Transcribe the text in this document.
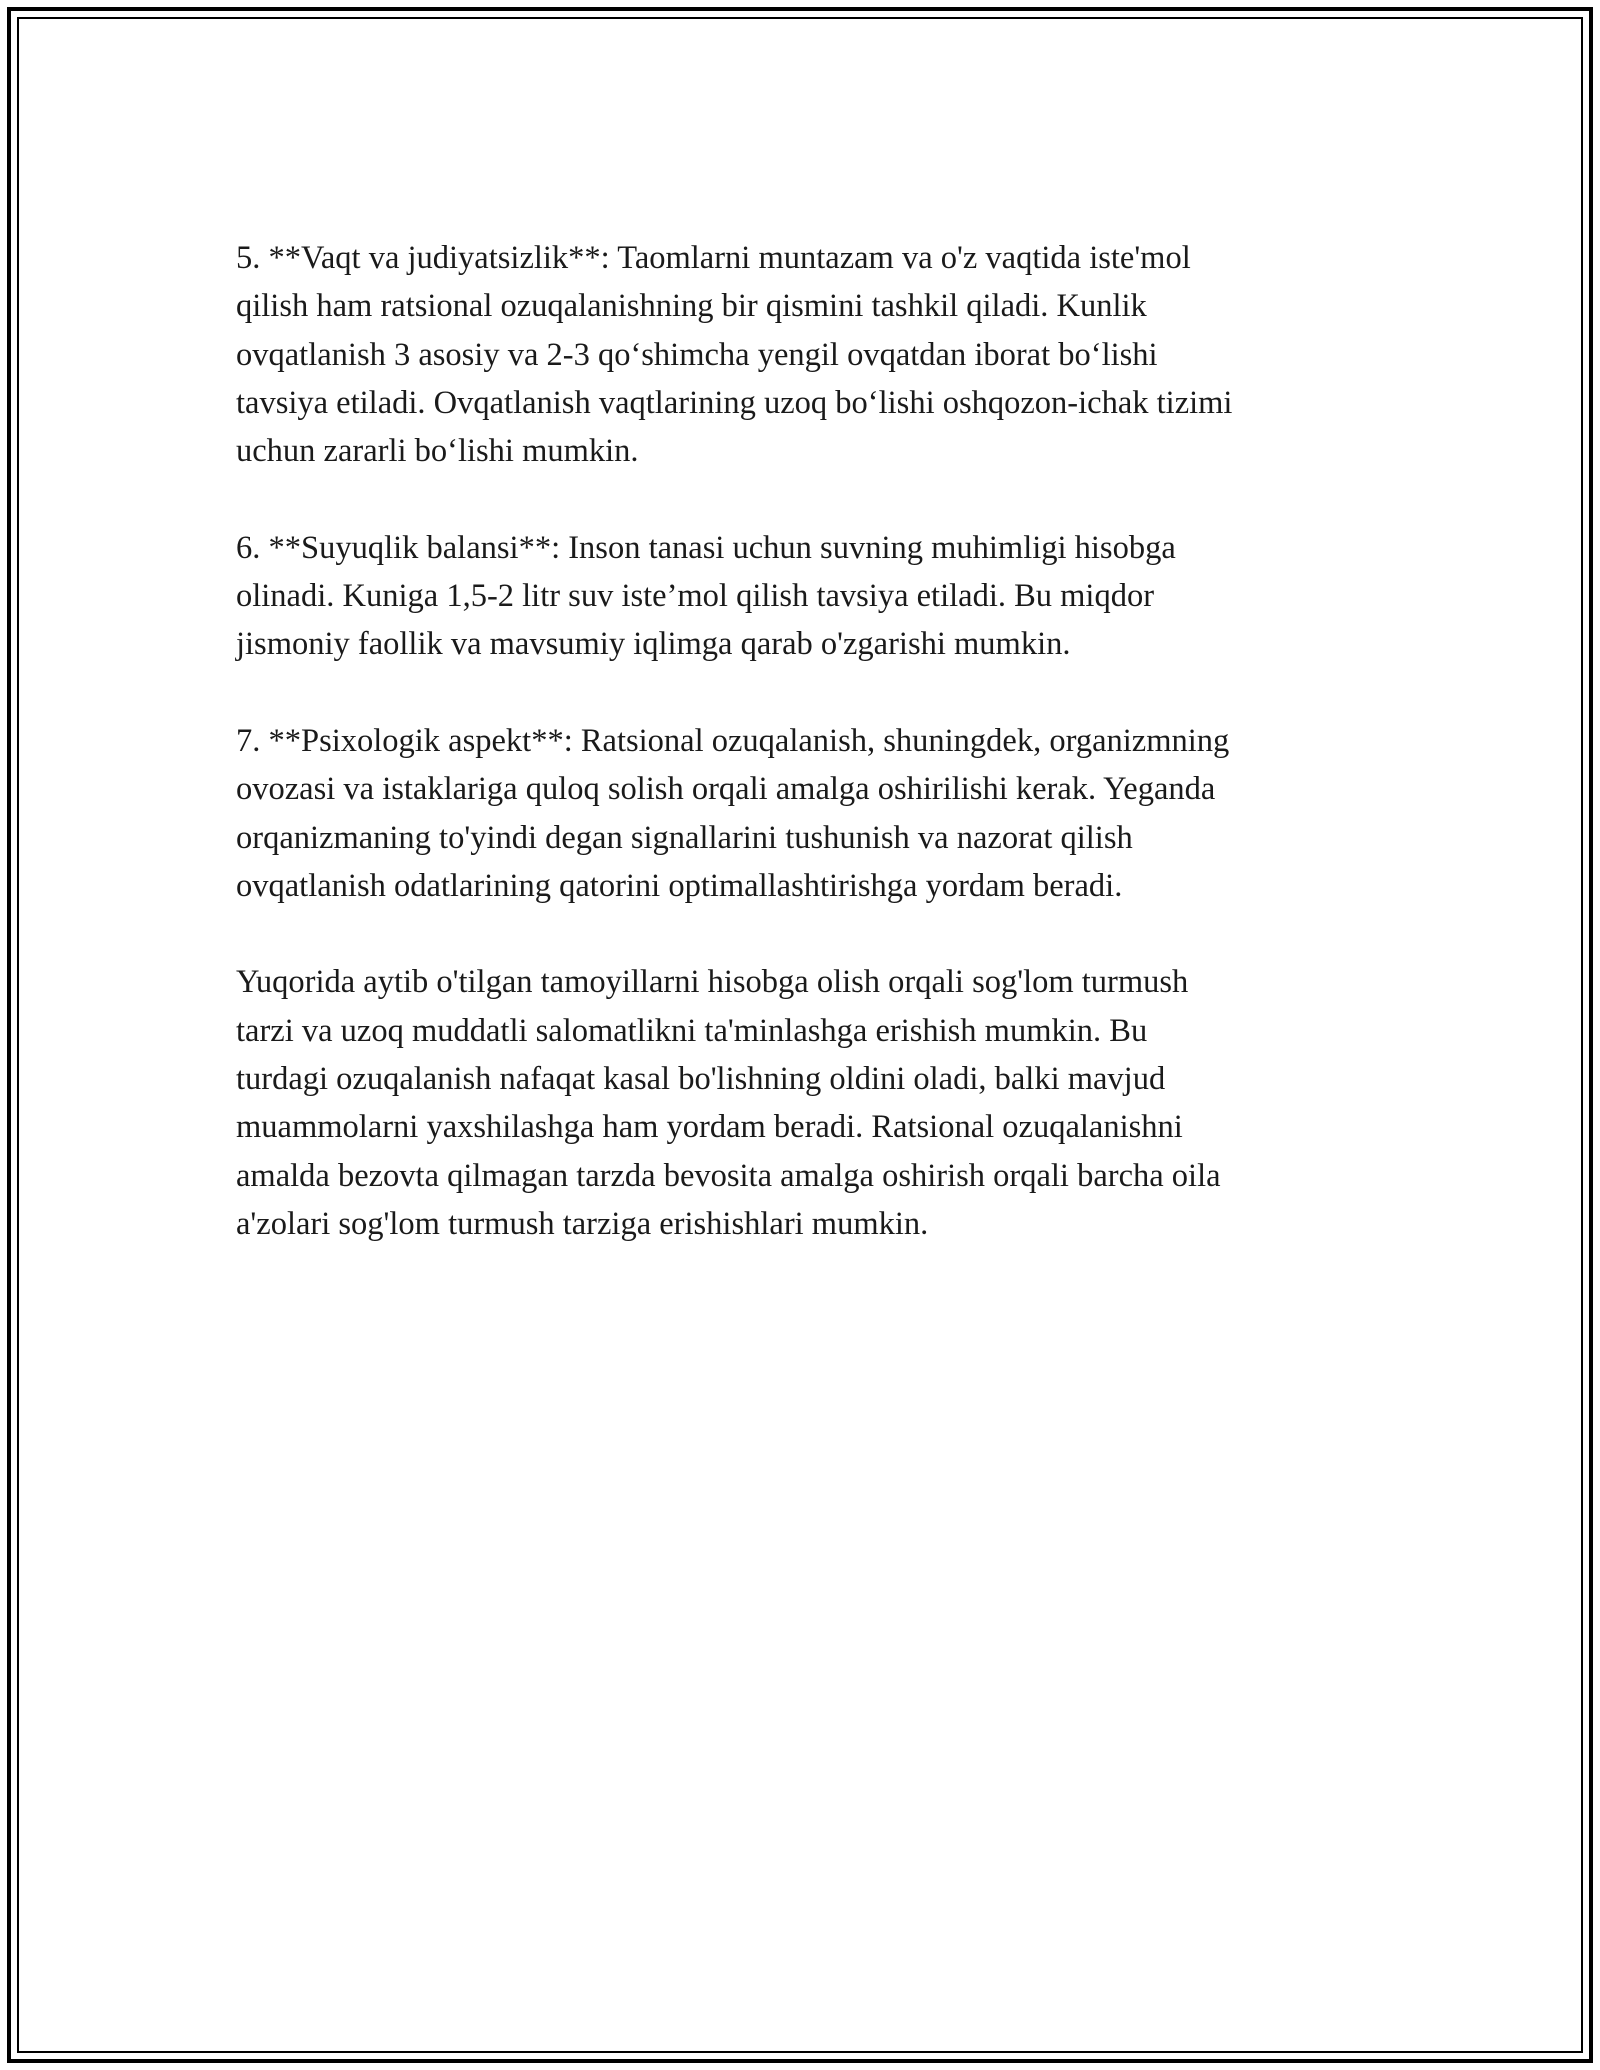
5. **Vaqt va judiyatsizlik**: Taomlarni muntazam va o'z vaqtida iste'mol
qilish ham ratsional ozuqalanishning bir qismini tashkil qiladi. Kunlik
ovqatlanish 3 asosiy va 2-3 qo‘shimcha yengil ovqatdan iborat bo‘lishi
tavsiya etiladi. Ovqatlanish vaqtlarining uzoq bo‘lishi oshqozon-ichak tizimi
uchun zararli bo‘lishi mumkin.

6. **Suyuqlik balansi**: Inson tanasi uchun suvning muhimligi hisobga
olinadi. Kuniga 1,5-2 litr suv iste’mol qilish tavsiya etiladi. Bu miqdor
jismoniy faollik va mavsumiy iqlimga qarab o'zgarishi mumkin.

7. **Psixologik aspekt**: Ratsional ozuqalanish, shuningdek, organizmning
ovozasi va istaklariga quloq solish orqali amalga oshirilishi kerak. Yeganda
orqanizmaning to'yindi degan signallarini tushunish va nazorat qilish
ovqatlanish odatlarining qatorini optimallashtirishga yordam beradi.

Yuqorida aytib o'tilgan tamoyillarni hisobga olish orqali sog'lom turmush
tarzi va uzoq muddatli salomatlikni ta'minlashga erishish mumkin. Bu
turdagi ozuqalanish nafaqat kasal bo'lishning oldini oladi, balki mavjud
muammolarni yaxshilashga ham yordam beradi. Ratsional ozuqalanishni
amalda bezovta qilmagan tarzda bevosita amalga oshirish orqali barcha oila
a'zolari sog'lom turmush tarziga erishishlari mumkin.
